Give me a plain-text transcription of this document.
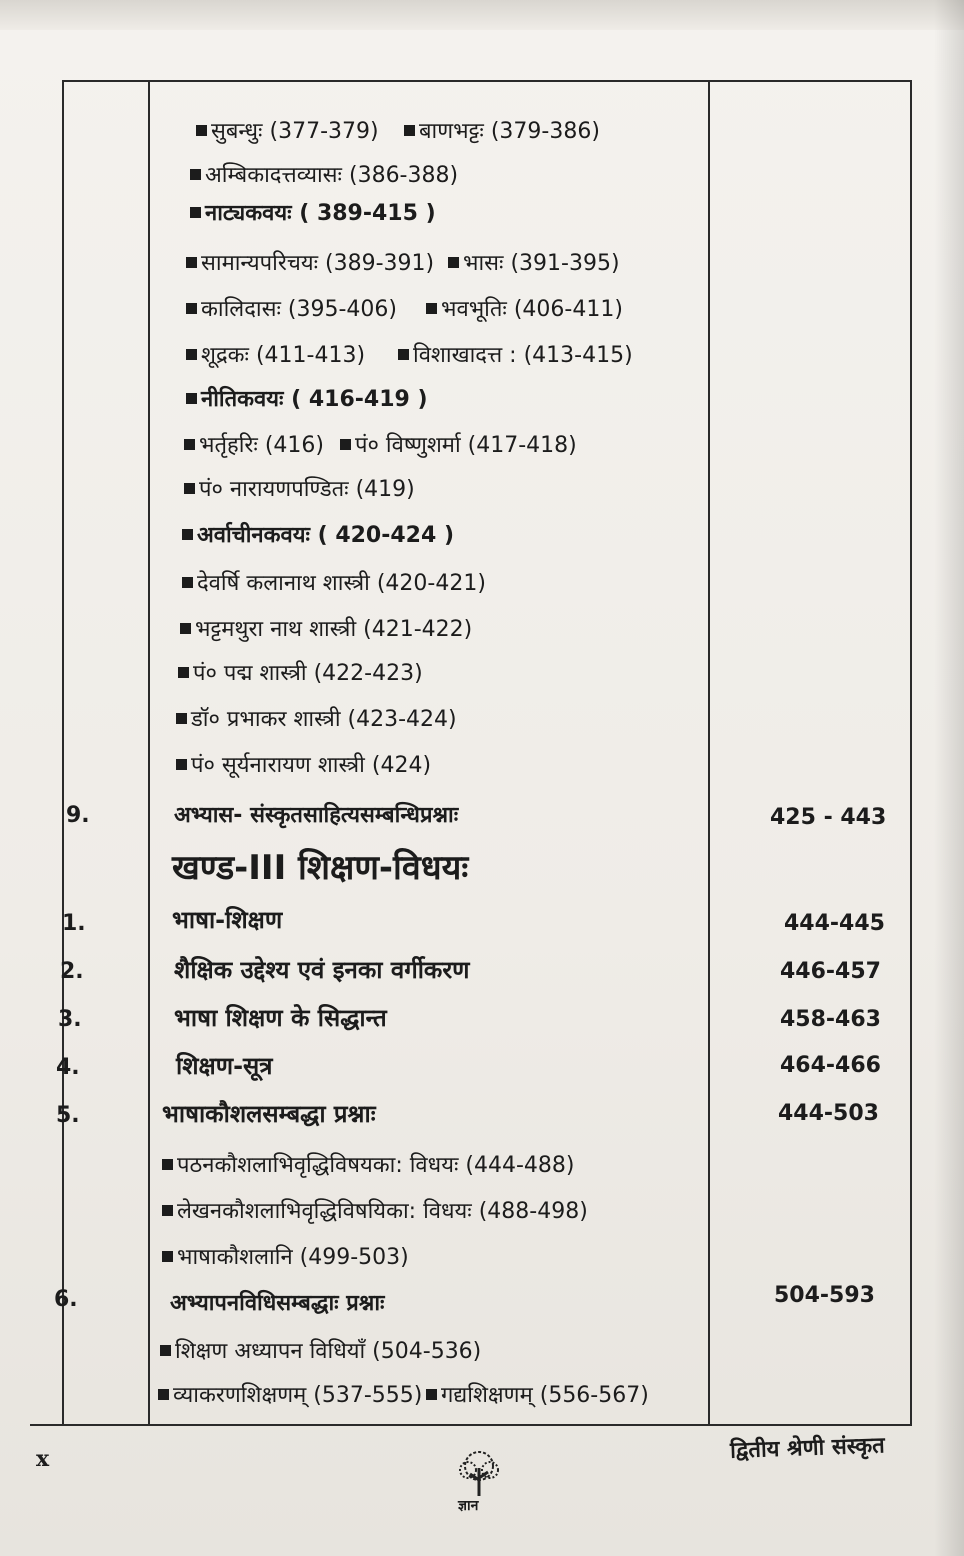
सुबन्धुः (377-379)	बाणभट्टः (379-386)
अम्बिकादत्तव्यासः (386-388)
नाट्यकवयः ( 389-415 )
सामान्यपरिचयः (389-391)	भासः (391-395)
कालिदासः (395-406)	भवभूतिः (406-411)
शूद्रकः (411-413)	विशाखादत्त : (413-415)
नीतिकवयः ( 416-419 )
भर्तृहरिः (416)	पं० विष्णुशर्मा (417-418)
पं० नारायणपण्डितः (419)
अर्वाचीनकवयः ( 420-424 )
देवर्षि कलानाथ शास्त्री (420-421)
भट्टमथुरा नाथ शास्त्री (421-422)
पं० पद्म शास्त्री (422-423)
डॉ० प्रभाकर शास्त्री (423-424)
पं० सूर्यनारायण शास्त्री (424)
9.	अभ्यास- संस्कृतसाहित्यसम्बन्धिप्रश्नाः	425 - 443
खण्ड-III शिक्षण-विधयः
1.	भाषा-शिक्षण	444-445
2.	शैक्षिक उद्देश्य एवं इनका वर्गीकरण	446-457
3.	भाषा शिक्षण के सिद्धान्त	458-463
4.	शिक्षण-सूत्र	464-466
5.	भाषाकौशलसम्बद्धा प्रश्नाः	444-503
पठनकौशलाभिवृद्धिविषयका: विधयः (444-488)
लेखनकौशलाभिवृद्धिविषयिका: विधयः (488-498)
भाषाकौशलानि (499-503)
6.	अभ्यापनविधिसम्बद्धाः प्रश्नाः	504-593
शिक्षण अध्यापन विधियाँ (504-536)
व्याकरणशिक्षणम् (537-555) गद्यशिक्षणम् (556-567)
x
ज्ञान
द्वितीय श्रेणी संस्कृत
